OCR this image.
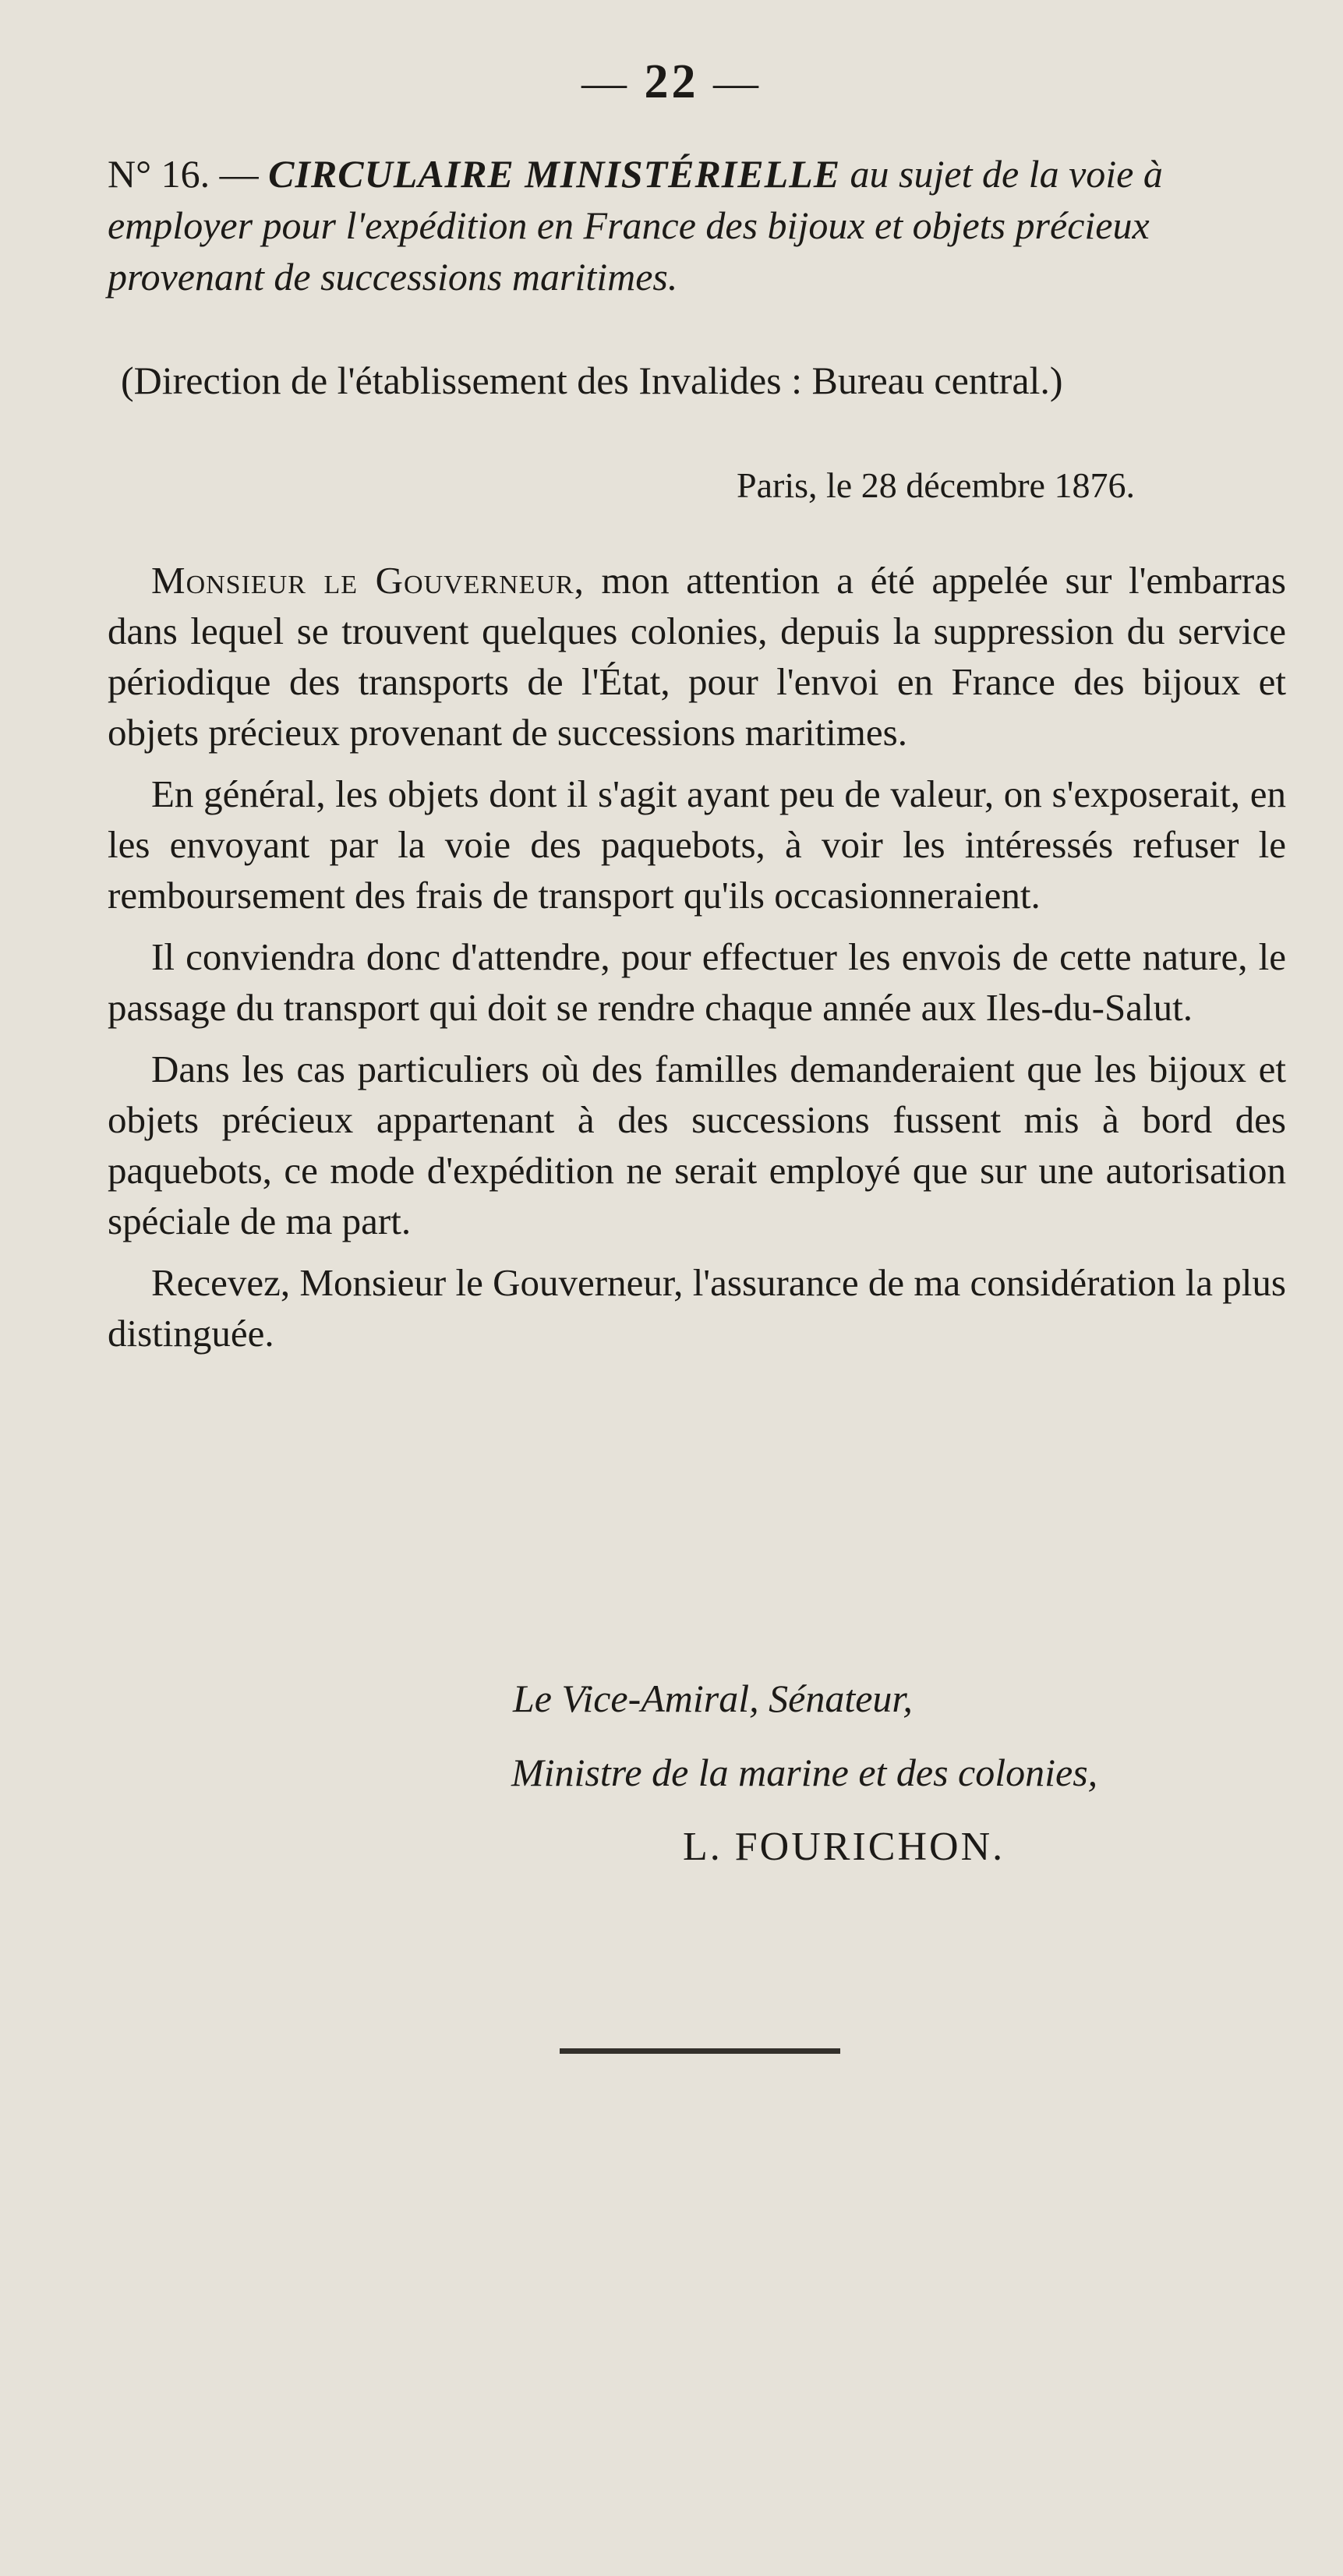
— 22 —
N° 16. — CIRCULAIRE MINISTÉRIELLE au sujet de la voie à employer pour l'expédition en France des bijoux et objets précieux provenant de successions maritimes.
(Direction de l'établissement des Invalides : Bureau central.)
Paris, le 28 décembre 1876.

Monsieur le Gouverneur, mon attention a été appelée sur l'embarras dans lequel se trouvent quelques colonies, depuis la suppression du service périodique des transports de l'État, pour l'envoi en France des bijoux et objets précieux provenant de successions maritimes.

En général, les objets dont il s'agit ayant peu de valeur, on s'exposerait, en les envoyant par la voie des paquebots, à voir les intéressés refuser le remboursement des frais de transport qu'ils occasionneraient.

Il conviendra donc d'attendre, pour effectuer les envois de cette nature, le passage du transport qui doit se rendre chaque année aux Iles-du-Salut.

Dans les cas particuliers où des familles demanderaient que les bijoux et objets précieux appartenant à des successions fussent mis à bord des paquebots, ce mode d'expédition ne serait employé que sur une autorisation spéciale de ma part.

Recevez, Monsieur le Gouverneur, l'assurance de ma considération la plus distinguée.

Le Vice-Amiral, Sénateur,
Ministre de la marine et des colonies,
L. FOURICHON.
